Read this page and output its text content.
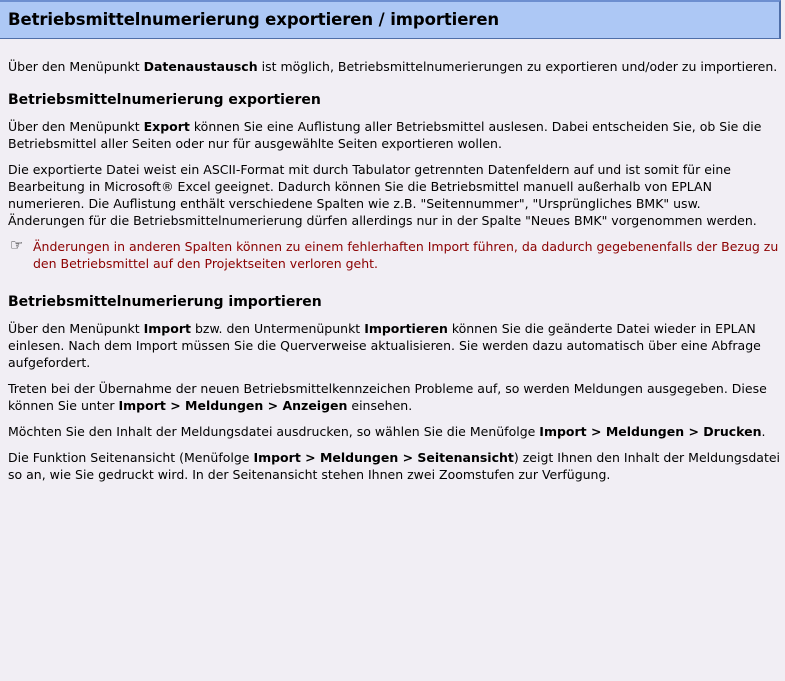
Betriebsmittelnumerierung exportieren / importieren

Über den Menüpunkt Datenaustausch ist möglich, Betriebsmittelnumerierungen zu exportieren und/oder zu importieren.

Betriebsmittelnumerierung exportieren

Über den Menüpunkt Export können Sie eine Auflistung aller Betriebsmittel auslesen. Dabei entscheiden Sie, ob Sie die Betriebsmittel aller Seiten oder nur für ausgewählte Seiten exportieren wollen.

Die exportierte Datei weist ein ASCII-Format mit durch Tabulator getrennten Datenfeldern auf und ist somit für eine Bearbeitung in Microsoft® Excel geeignet. Dadurch können Sie die Betriebsmittel manuell außerhalb von EPLAN numerieren. Die Auflistung enthält verschiedene Spalten wie z.B. "Seitennummer", "Ursprüngliches BMK" usw. Änderungen für die Betriebsmittelnumerierung dürfen allerdings nur in der Spalte "Neues BMK" vorgenommen werden.

☞ Änderungen in anderen Spalten können zu einem fehlerhaften Import führen, da dadurch gegebenenfalls der Bezug zu den Betriebsmittel auf den Projektseiten verloren geht.

Betriebsmittelnumerierung importieren

Über den Menüpunkt Import bzw. den Untermenüpunkt Importieren können Sie die geänderte Datei wieder in EPLAN einlesen. Nach dem Import müssen Sie die Querverweise aktualisieren. Sie werden dazu automatisch über eine Abfrage aufgefordert.

Treten bei der Übernahme der neuen Betriebsmittelkennzeichen Probleme auf, so werden Meldungen ausgegeben. Diese können Sie unter Import > Meldungen > Anzeigen einsehen.

Möchten Sie den Inhalt der Meldungsdatei ausdrucken, so wählen Sie die Menüfolge Import > Meldungen > Drucken.

Die Funktion Seitenansicht (Menüfolge Import > Meldungen > Seitenansicht) zeigt Ihnen den Inhalt der Meldungsdatei so an, wie Sie gedruckt wird. In der Seitenansicht stehen Ihnen zwei Zoomstufen zur Verfügung.
